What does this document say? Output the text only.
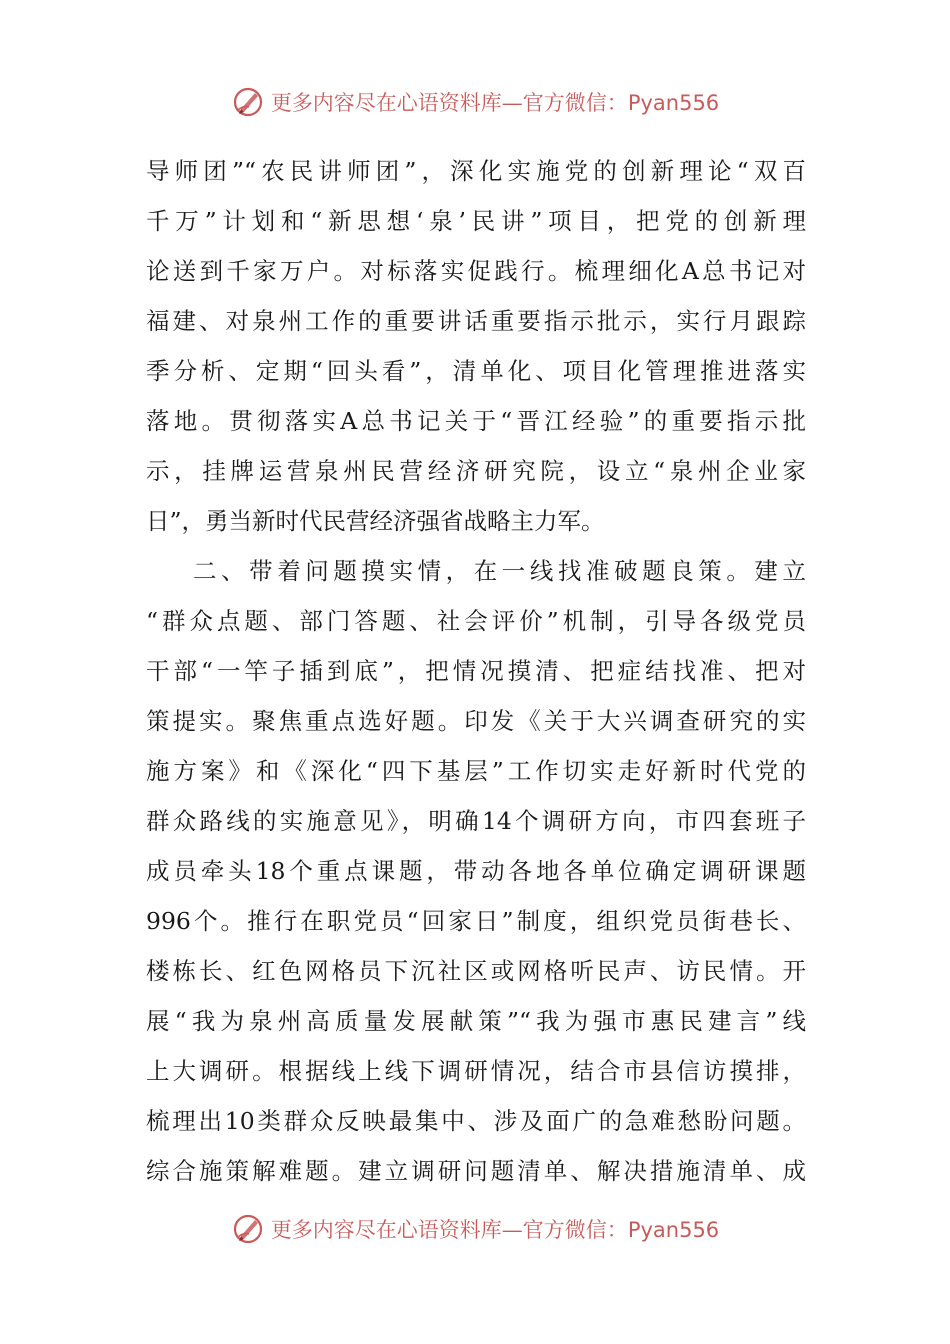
更多内容尽在心语资料库—官方微信：Pyan556
导师团”“农民讲师团”，深化实施党的创新理论“双百
千万”计划和“新思想‘泉’民讲”项目，把党的创新理
论送到千家万户。对标落实促践行。梳理细化A总书记对
福建、对泉州工作的重要讲话重要指示批示，实行月跟踪
季分析、定期“回头看”，清单化、项目化管理推进落实
落地。贯彻落实A总书记关于“晋江经验”的重要指示批
示，挂牌运营泉州民营经济研究院，设立“泉州企业家
日”，勇当新时代民营经济强省战略主力军。
二、带着问题摸实情，在一线找准破题良策。建立
“群众点题、部门答题、社会评价”机制，引导各级党员
干部“一竿子插到底”，把情况摸清、把症结找准、把对
策提实。聚焦重点选好题。印发《关于大兴调查研究的实
施方案》和《深化“四下基层”工作切实走好新时代党的
群众路线的实施意见》，明确14个调研方向，市四套班子
成员牵头18个重点课题，带动各地各单位确定调研课题
996个。推行在职党员“回家日”制度，组织党员街巷长、
楼栋长、红色网格员下沉社区或网格听民声、访民情。开
展“我为泉州高质量发展献策”“我为强市惠民建言”线
上大调研。根据线上线下调研情况，结合市县信访摸排，
梳理出10类群众反映最集中、涉及面广的急难愁盼问题。
综合施策解难题。建立调研问题清单、解决措施清单、成
更多内容尽在心语资料库—官方微信：Pyan556
